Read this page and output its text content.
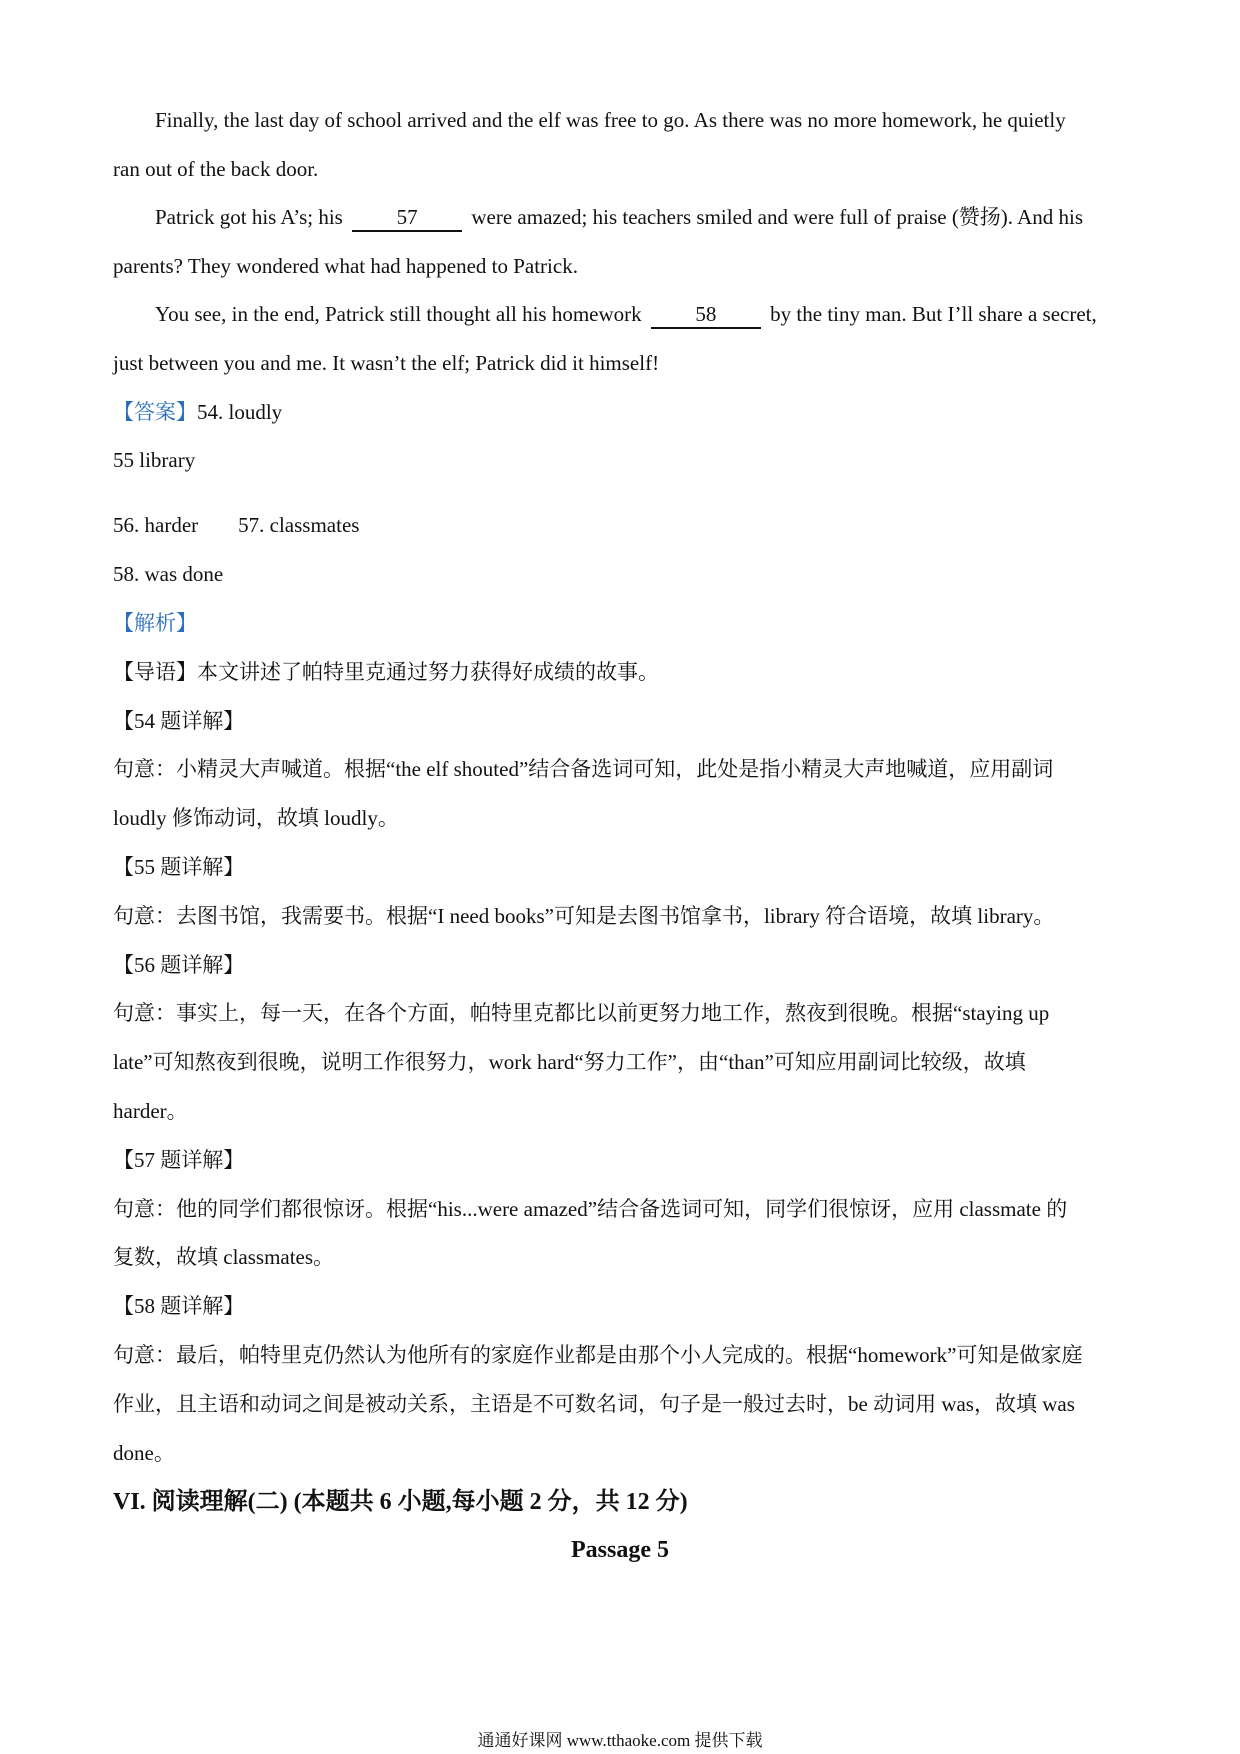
Finally, the last day of school arrived and the elf was free to go. As there was no more homework, he quietly
ran out of the back door.
Patrick got his A’s; his	57	were amazed; his teachers smiled and were full of praise (赞扬). And his
parents? They wondered what had happened to Patrick.
You see, in the end, Patrick still thought all his homework	58	by the tiny man. But I’ll share a secret,
just between you and me. It wasn’t the elf; Patrick did it himself!
【答案】54. loudly
55 library
56. harder 57. classmates
58. was done
【解析】
【导语】本文讲述了帕特里克通过努力获得好成绩的故事。
【54 题详解】
句意：小精灵大声喊道。根据“the elf shouted”结合备选词可知，此处是指小精灵大声地喊道，应用副词
loudly 修饰动词，故填 loudly。
【55 题详解】
句意：去图书馆，我需要书。根据“I need books”可知是去图书馆拿书，library 符合语境，故填 library。
【56 题详解】
句意：事实上，每一天，在各个方面，帕特里克都比以前更努力地工作，熬夜到很晚。根据“staying up
late”可知熬夜到很晚，说明工作很努力，work hard“努力工作”，由“than”可知应用副词比较级，故填
harder。
【57 题详解】
句意：他的同学们都很惊讶。根据“his...were amazed”结合备选词可知，同学们很惊讶，应用 classmate 的
复数，故填 classmates。
【58 题详解】
句意：最后，帕特里克仍然认为他所有的家庭作业都是由那个小人完成的。根据“homework”可知是做家庭
作业，且主语和动词之间是被动关系，主语是不可数名词，句子是一般过去时，be 动词用 was，故填 was
done。
VI. 阅读理解(二) (本题共 6 小题,每小题 2 分，共 12 分)
Passage 5
通通好课网 www.tthaoke.com 提供下载
